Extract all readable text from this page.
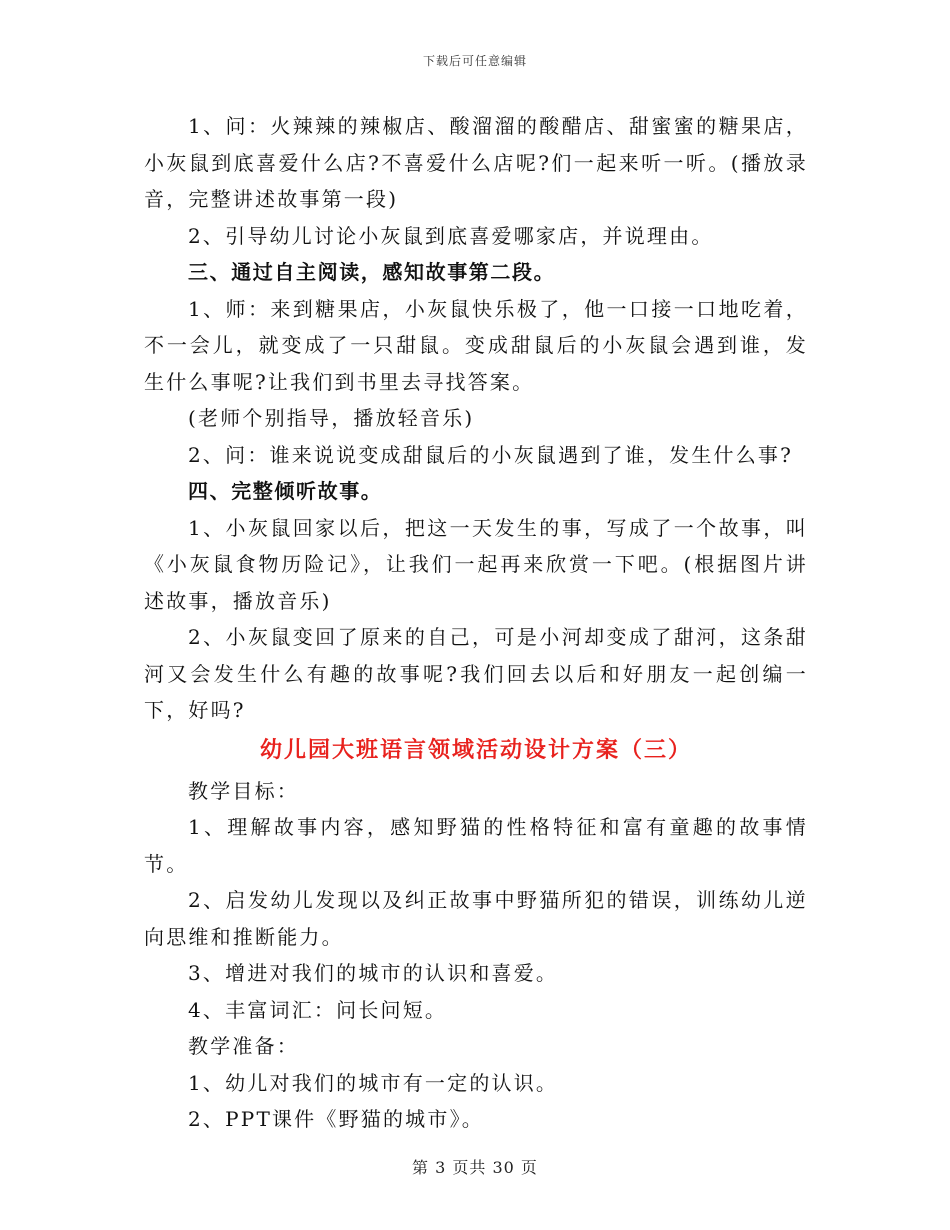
下载后可任意编辑

1、问：火辣辣的辣椒店、酸溜溜的酸醋店、甜蜜蜜的糖果店，小灰鼠到底喜爱什么店?不喜爱什么店呢?们一起来听一听。(播放录音，完整讲述故事第一段)

2、引导幼儿讨论小灰鼠到底喜爱哪家店，并说理由。

三、通过自主阅读，感知故事第二段。

1、师：来到糖果店，小灰鼠快乐极了，他一口接一口地吃着，不一会儿，就变成了一只甜鼠。变成甜鼠后的小灰鼠会遇到谁，发生什么事呢?让我们到书里去寻找答案。

(老师个别指导，播放轻音乐)

2、问：谁来说说变成甜鼠后的小灰鼠遇到了谁，发生什么事?

四、完整倾听故事。

1、小灰鼠回家以后，把这一天发生的事，写成了一个故事，叫《小灰鼠食物历险记》，让我们一起再来欣赏一下吧。(根据图片讲述故事，播放音乐)

2、小灰鼠变回了原来的自己，可是小河却变成了甜河，这条甜河又会发生什么有趣的故事呢?我们回去以后和好朋友一起创编一下，好吗?

幼儿园大班语言领域活动设计方案（三）

教学目标：

1、理解故事内容，感知野猫的性格特征和富有童趣的故事情节。

2、启发幼儿发现以及纠正故事中野猫所犯的错误，训练幼儿逆向思维和推断能力。

3、增进对我们的城市的认识和喜爱。

4、丰富词汇：问长问短。

教学准备：

1、幼儿对我们的城市有一定的认识。

2、PPT课件《野猫的城市》。

第 3 页共 30 页
